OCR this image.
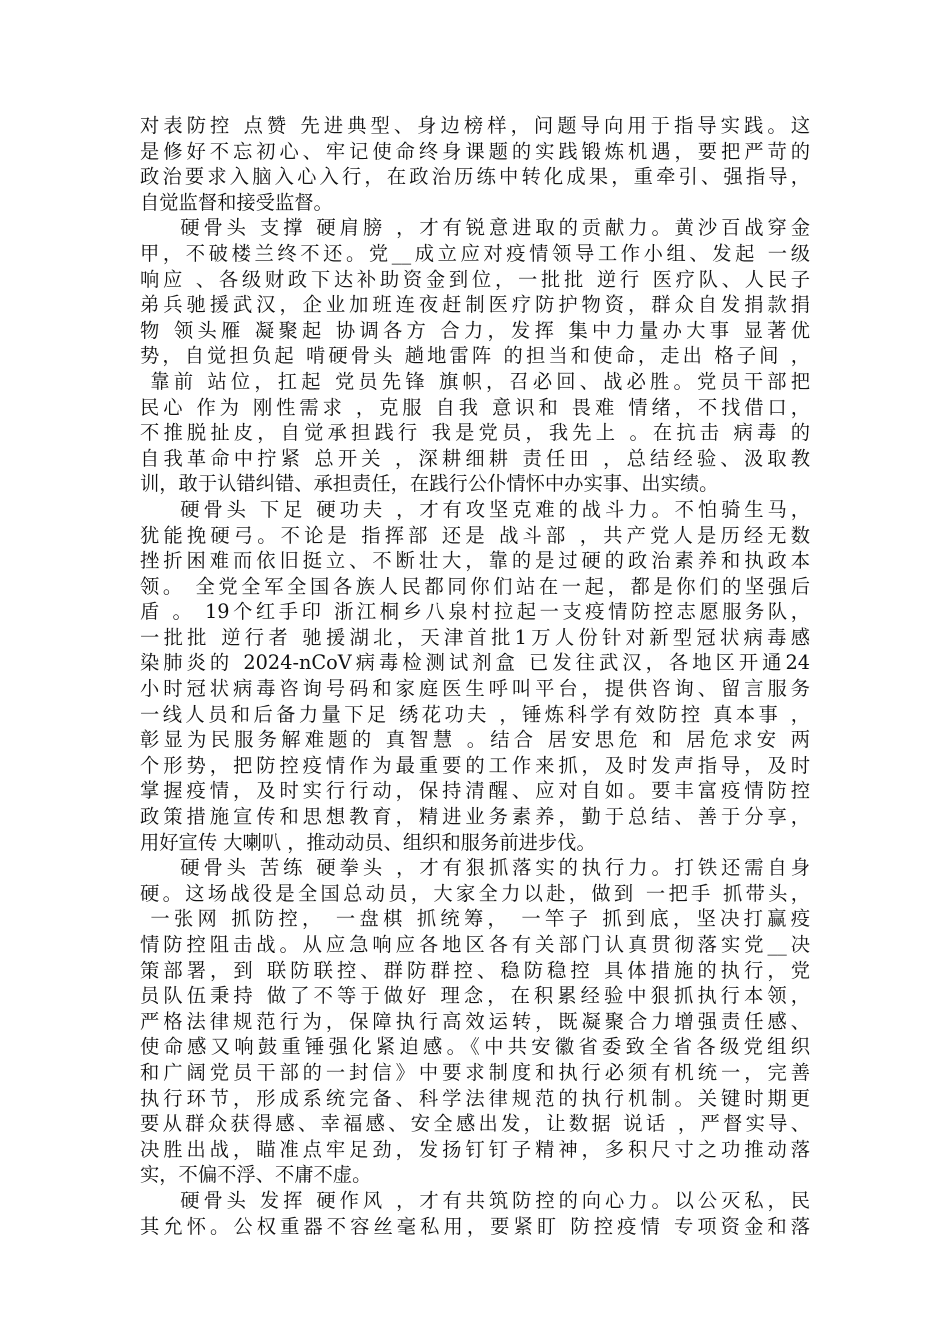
对表防控 点赞 先进典型、身边榜样，问题导向用于指导实践。这
是修好不忘初心、牢记使命终身课题的实践锻炼机遇，要把严苛的
政治要求入脑入心入行，在政治历练中转化成果，重牵引、强指导，
自觉监督和接受监督。
硬骨头 支撑 硬肩膀 ，才有锐意进取的贡献力。黄沙百战穿金
甲，不破楼兰终不还。党__成立应对疫情领导工作小组、发起 一级
响应 、各级财政下达补助资金到位，一批批 逆行 医疗队、人民子
弟兵驰援武汉，企业加班连夜赶制医疗防护物资，群众自发捐款捐
物 领头雁 凝聚起 协调各方 合力，发挥 集中力量办大事 显著优
势，自觉担负起 啃硬骨头 趟地雷阵 的担当和使命，走出 格子间 ，
靠前 站位，扛起 党员先锋 旗帜，召必回、战必胜。党员干部把
民心 作为 刚性需求 ，克服 自我 意识和 畏难 情绪，不找借口，
不推脱扯皮，自觉承担践行 我是党员，我先上 。在抗击 病毒 的
自我革命中拧紧 总开关 ，深耕细耕 责任田 ，总结经验、汲取教
训，敢于认错纠错、承担责任，在践行公仆情怀中办实事、出实绩。
硬骨头 下足 硬功夫 ，才有攻坚克难的战斗力。不怕骑生马，
犹能挽硬弓。不论是 指挥部 还是 战斗部 ，共产党人是历经无数
挫折困难而依旧挺立、不断壮大，靠的是过硬的政治素养和执政本
领。 全党全军全国各族人民都同你们站在一起，都是你们的坚强后
盾 。 19个红手印 浙江桐乡八泉村拉起一支疫情防控志愿服务队，
一批批 逆行者 驰援湖北，天津首批1万人份针对新型冠状病毒感
染肺炎的 2024-nCoV病毒检测试剂盒 已发往武汉，各地区开通24
小时冠状病毒咨询号码和家庭医生呼叫平台，提供咨询、留言服务
一线人员和后备力量下足 绣花功夫 ，锤炼科学有效防控 真本事 ，
彰显为民服务解难题的 真智慧 。结合 居安思危 和 居危求安 两
个形势，把防控疫情作为最重要的工作来抓，及时发声指导，及时
掌握疫情，及时实行行动，保持清醒、应对自如。要丰富疫情防控
政策措施宣传和思想教育，精进业务素养，勤于总结、善于分享，
用好宣传 大喇叭 ，推动动员、组织和服务前进步伐。
硬骨头 苦练 硬拳头 ，才有狠抓落实的执行力。打铁还需自身
硬。这场战役是全国总动员，大家全力以赴，做到 一把手 抓带头，
一张网 抓防控， 一盘棋 抓统筹， 一竿子 抓到底，坚决打赢疫
情防控阻击战。从应急响应各地区各有关部门认真贯彻落实党__决
策部署，到 联防联控、群防群控、稳防稳控 具体措施的执行，党
员队伍秉持 做了不等于做好 理念，在积累经验中狠抓执行本领，
严格法律规范行为，保障执行高效运转，既凝聚合力增强责任感、
使命感又响鼓重锤强化紧迫感。《中共安徽省委致全省各级党组织
和广阔党员干部的一封信》中要求制度和执行必须有机统一，完善
执行环节，形成系统完备、科学法律规范的执行机制。关键时期更
要从群众获得感、幸福感、安全感出发，让数据 说话 ，严督实导、
决胜出战，瞄准点牢足劲，发扬钉钉子精神，多积尺寸之功推动落
实，不偏不浮、不庸不虚。
硬骨头 发挥 硬作风 ，才有共筑防控的向心力。以公灭私，民
其允怀。公权重器不容丝毫私用，要紧盯 防控疫情 专项资金和落
